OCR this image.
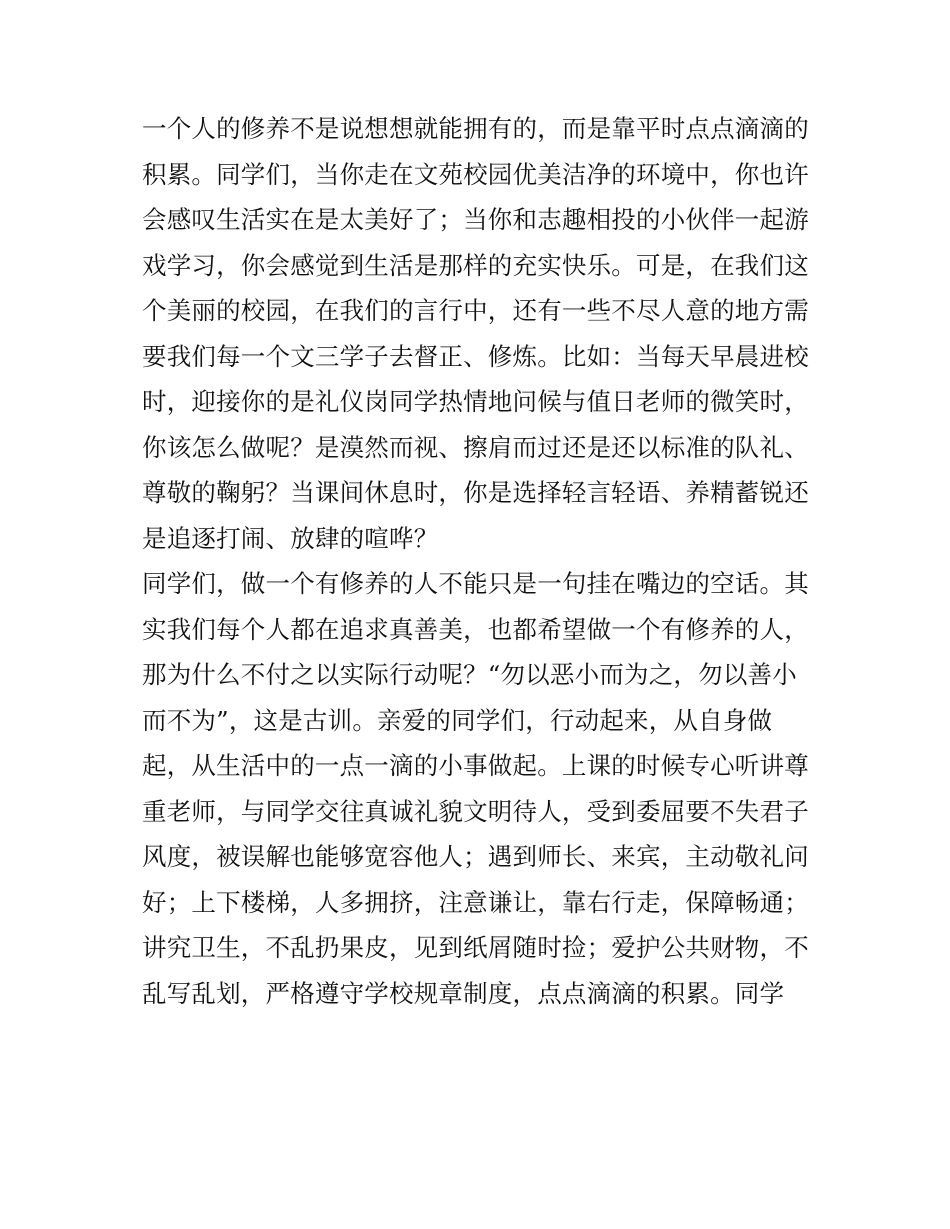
一个人的修养不是说想想就能拥有的，而是靠平时点点滴滴的
积累。同学们，当你走在文苑校园优美洁净的环境中，你也许
会感叹生活实在是太美好了；当你和志趣相投的小伙伴一起游
戏学习，你会感觉到生活是那样的充实快乐。可是，在我们这
个美丽的校园，在我们的言行中，还有一些不尽人意的地方需
要我们每一个文三学子去督正、修炼。比如：当每天早晨进校
时，迎接你的是礼仪岗同学热情地问候与值日老师的微笑时，
你该怎么做呢？是漠然而视、擦肩而过还是还以标准的队礼、
尊敬的鞠躬？当课间休息时，你是选择轻言轻语、养精蓄锐还
是追逐打闹、放肆的喧哗？
同学们，做一个有修养的人不能只是一句挂在嘴边的空话。其
实我们每个人都在追求真善美，也都希望做一个有修养的人，
那为什么不付之以实际行动呢？“勿以恶小而为之，勿以善小
而不为”，这是古训。亲爱的同学们，行动起来，从自身做
起，从生活中的一点一滴的小事做起。上课的时候专心听讲尊
重老师，与同学交往真诚礼貌文明待人，受到委屈要不失君子
风度，被误解也能够宽容他人；遇到师长、来宾，主动敬礼问
好；上下楼梯，人多拥挤，注意谦让，靠右行走，保障畅通；
讲究卫生，不乱扔果皮，见到纸屑随时捡；爱护公共财物，不
乱写乱划，严格遵守学校规章制度，点点滴滴的积累。同学
